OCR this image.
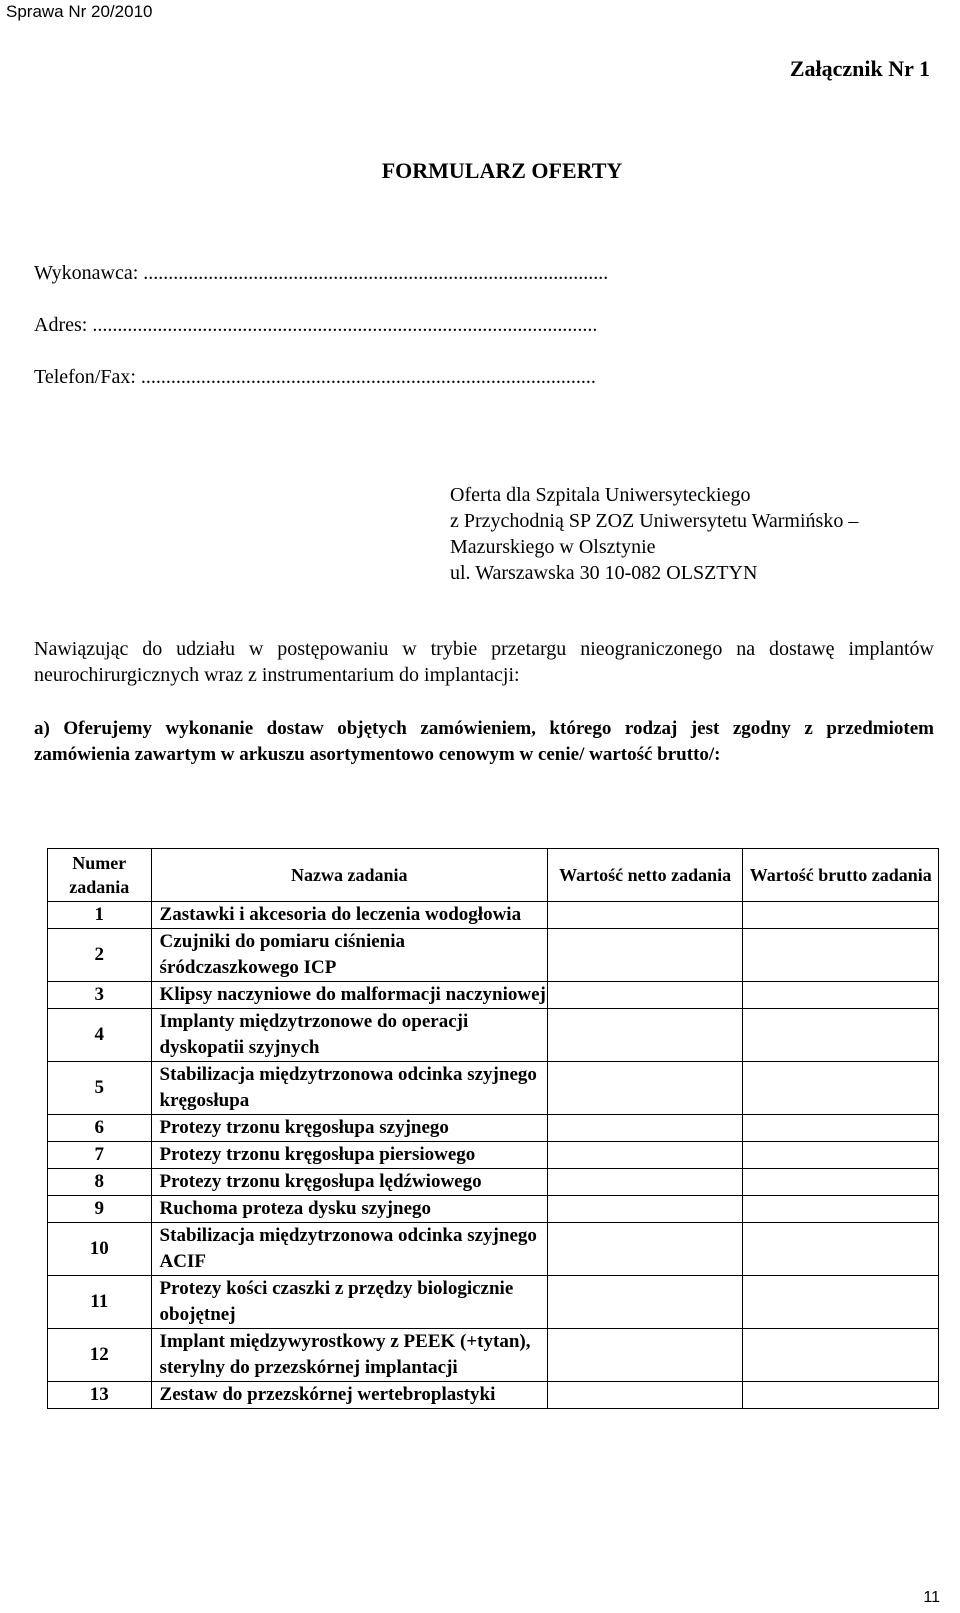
Sprawa Nr 20/2010
Załącznik Nr 1
FORMULARZ OFERTY
Wykonawca: .............................................................................................
Adres: .....................................................................................................
Telefon/Fax: ...........................................................................................
Oferta dla Szpitala Uniwersyteckiego
z Przychodnią SP ZOZ Uniwersytetu Warmińsko –
Mazurskiego w Olsztynie
ul. Warszawska 30 10-082 OLSZTYN
Nawiązując do udziału w postępowaniu w trybie przetargu nieograniczonego na dostawę implantów neurochirurgicznych wraz z instrumentarium do implantacji:
a) Oferujemy wykonanie dostaw objętych zamówieniem, którego rodzaj jest zgodny z przedmiotem zamówienia zawartym w arkuszu asortymentowo cenowym w cenie/ wartość brutto/:
Numer zadania	Nazwa zadania	Wartość netto zadania	Wartość brutto zadania
1	Zastawki i akcesoria do leczenia wodogłowia		
2	Czujniki do pomiaru ciśnienia śródczaszkowego ICP		
3	Klipsy naczyniowe do malformacji naczyniowej		
4	Implanty międzytrzonowe do operacji dyskopatii szyjnych		
5	Stabilizacja międzytrzonowa odcinka szyjnego kręgosłupa		
6	Protezy trzonu kręgosłupa szyjnego		
7	Protezy trzonu kręgosłupa piersiowego		
8	Protezy trzonu kręgosłupa lędźwiowego		
9	Ruchoma proteza dysku szyjnego		
10	Stabilizacja międzytrzonowa odcinka szyjnego ACIF		
11	Protezy kości czaszki z przędzy biologicznie obojętnej		
12	Implant międzywyrostkowy z PEEK (+tytan), sterylny do przezskórnej implantacji		
13	Zestaw do przezskórnej wertebroplastyki		
11
